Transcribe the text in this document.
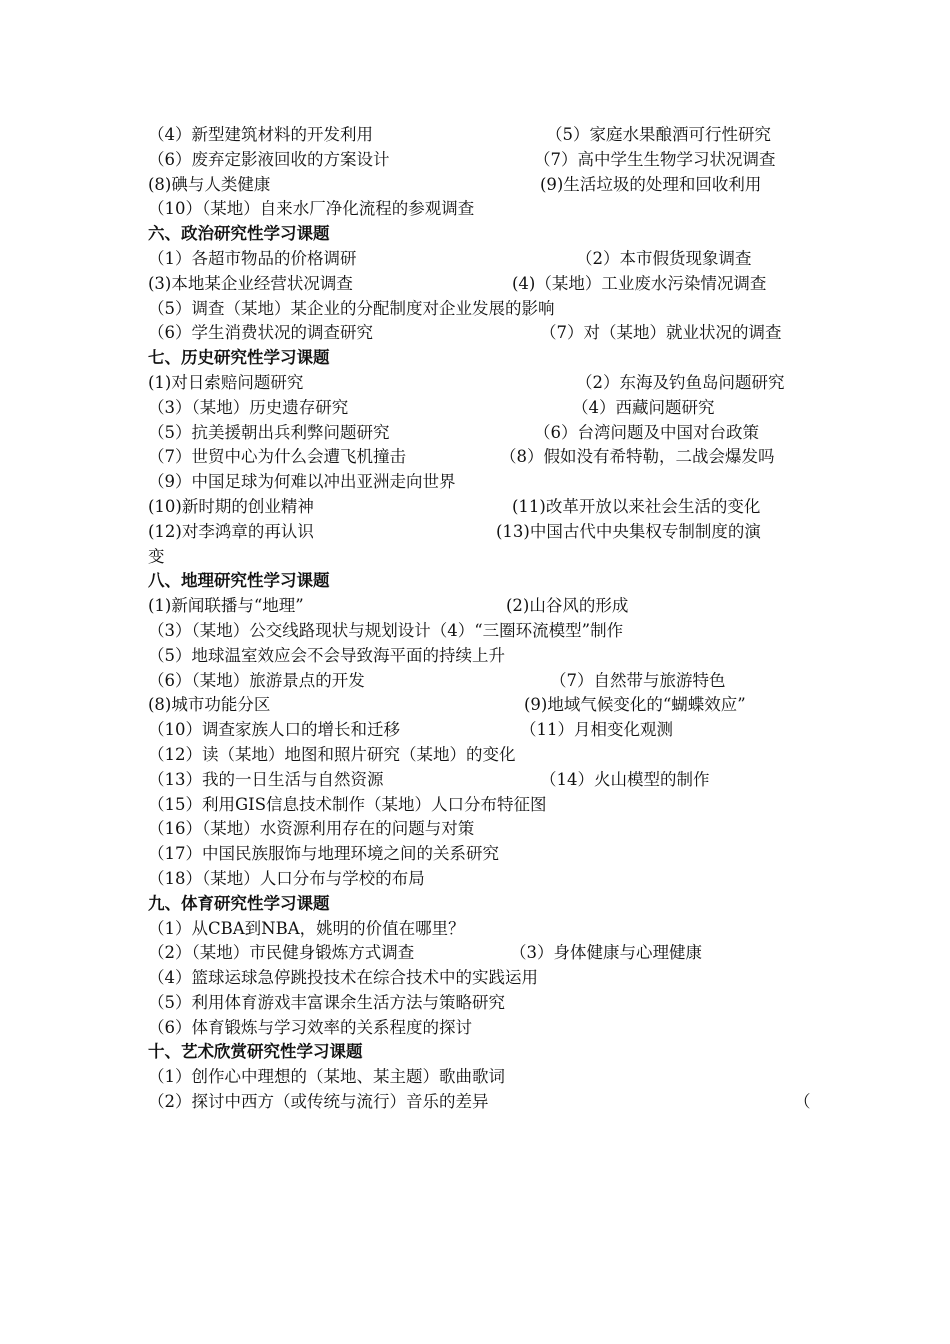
（4）新型建筑材料的开发利用	（5）家庭水果酿酒可行性研究
（6）废弃定影液回收的方案设计	（7）高中学生生物学习状况调查
(8)碘与人类健康	(9)生活垃圾的处理和回收利用
（10）（某地）自来水厂净化流程的参观调查
六、政治研究性学习课题
（1）各超市物品的价格调研	（2）本市假货现象调查
(3)本地某企业经营状况调查	(4)（某地）工业废水污染情况调查
（5）调查（某地）某企业的分配制度对企业发展的影响
（6）学生消费状况的调查研究	（7）对（某地）就业状况的调查
七、历史研究性学习课题
(1)对日索赔问题研究	（2）东海及钓鱼岛问题研究
（3）（某地）历史遗存研究	（4）西藏问题研究
（5）抗美援朝出兵利弊问题研究	（6）台湾问题及中国对台政策
（7）世贸中心为什么会遭飞机撞击	（8）假如没有希特勒，二战会爆发吗
（9）中国足球为何难以冲出亚洲走向世界
(10)新时期的创业精神	(11)改革开放以来社会生活的变化
(12)对李鸿章的再认识	(13)中国古代中央集权专制制度的演
变
八、地理研究性学习课题
(1)新闻联播与“地理”	(2)山谷风的形成
（3）（某地）公交线路现状与规划设计（4）“三圈环流模型”制作
（5）地球温室效应会不会导致海平面的持续上升
（6）（某地）旅游景点的开发	（7）自然带与旅游特色
(8)城市功能分区	(9)地域气候变化的“蝴蝶效应”
（10）调查家族人口的增长和迁移	（11）月相变化观测
（12）读（某地）地图和照片研究（某地）的变化
（13）我的一日生活与自然资源	（14）火山模型的制作
（15）利用GIS信息技术制作（某地）人口分布特征图
（16）（某地）水资源利用存在的问题与对策
（17）中国民族服饰与地理环境之间的关系研究
（18）（某地）人口分布与学校的布局
九、体育研究性学习课题
（1）从CBA到NBA，姚明的价值在哪里？
（2）（某地）市民健身锻炼方式调查	（3）身体健康与心理健康
（4）篮球运球急停跳投技术在综合技术中的实践运用
（5）利用体育游戏丰富课余生活方法与策略研究
（6）体育锻炼与学习效率的关系程度的探讨
十、艺术欣赏研究性学习课题
（1）创作心中理想的（某地、某主题）歌曲歌词
（2）探讨中西方（或传统与流行）音乐的差异	（
